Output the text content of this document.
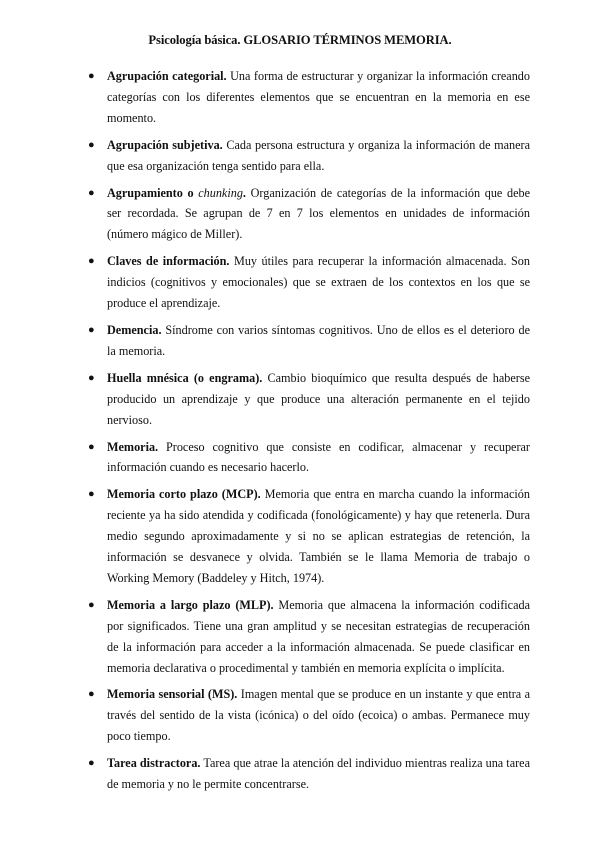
Psicología básica. GLOSARIO TÉRMINOS MEMORIA.
● Agrupación categorial. Una forma de estructurar y organizar la información creando categorías con los diferentes elementos que se encuentran en la memoria en ese momento.
● Agrupación subjetiva. Cada persona estructura y organiza la información de manera que esa organización tenga sentido para ella.
● Agrupamiento o chunking. Organización de categorías de la información que debe ser recordada. Se agrupan de 7 en 7 los elementos en unidades de información (número mágico de Miller).
● Claves de información. Muy útiles para recuperar la información almacenada. Son indicios (cognitivos y emocionales) que se extraen de los contextos en los que se produce el aprendizaje.
● Demencia. Síndrome con varios síntomas cognitivos. Uno de ellos es el deterioro de la memoria.
● Huella mnésica (o engrama). Cambio bioquímico que resulta después de haberse producido un aprendizaje y que produce una alteración permanente en el tejido nervioso.
● Memoria. Proceso cognitivo que consiste en codificar, almacenar y recuperar información cuando es necesario hacerlo.
● Memoria corto plazo (MCP). Memoria que entra en marcha cuando la información reciente ya ha sido atendida y codificada (fonológicamente) y hay que retenerla. Dura medio segundo aproximadamente y si no se aplican estrategias de retención, la información se desvanece y olvida. También se le llama Memoria de trabajo o Working Memory (Baddeley y Hitch, 1974).
● Memoria a largo plazo (MLP). Memoria que almacena la información codificada por significados. Tiene una gran amplitud y se necesitan estrategias de recuperación de la información para acceder a la información almacenada. Se puede clasificar en memoria declarativa o procedimental y también en memoria explícita o implícita.
● Memoria sensorial (MS). Imagen mental que se produce en un instante y que entra a través del sentido de la vista (icónica) o del oído (ecoica) o ambas. Permanece muy poco tiempo.
● Tarea distractora. Tarea que atrae la atención del individuo mientras realiza una tarea de memoria y no le permite concentrarse.
